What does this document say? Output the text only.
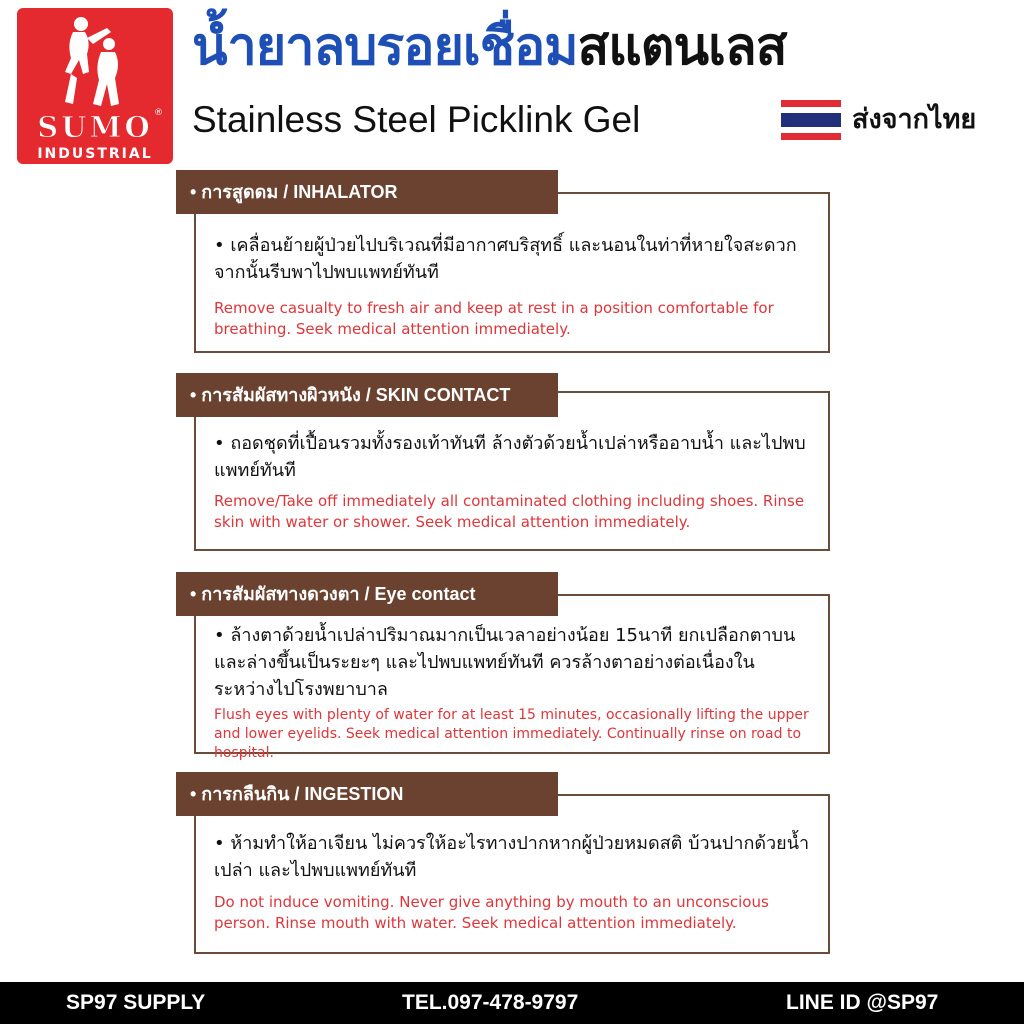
SUMO ®
INDUSTRIAL
น้ำยาลบรอยเชื่อมสแตนเลส
Stainless Steel Picklink Gel	ส่งจากไทย
• การสูดดม / INHALATOR
• เคลื่อนย้ายผู้ป่วยไปบริเวณที่มีอากาศบริสุทธิ์ และนอนในท่าที่หายใจสะดวก จากนั้นรีบพาไปพบแพทย์ทันที
Remove casualty to fresh air and keep at rest in a position comfortable for breathing. Seek medical attention immediately.
• การสัมผัสทางผิวหนัง / SKIN CONTACT
• ถอดชุดที่เปื้อนรวมทั้งรองเท้าทันที ล้างตัวด้วยน้ำเปล่าหรืออาบน้ำ และไปพบแพทย์ทันที
Remove/Take off immediately all contaminated clothing including shoes. Rinse skin with water or shower. Seek medical attention immediately.
• การสัมผัสทางดวงตา / Eye contact
• ล้างตาด้วยน้ำเปล่าปริมาณมากเป็นเวลาอย่างน้อย 15นาที ยกเปลือกตาบนและล่างขึ้นเป็นระยะๆ และไปพบแพทย์ทันที ควรล้างตาอย่างต่อเนื่องในระหว่างไปโรงพยาบาล
Flush eyes with plenty of water for at least 15 minutes, occasionally lifting the upper and lower eyelids. Seek medical attention immediately. Continually rinse on road to hospital.
• การกลืนกิน / INGESTION
• ห้ามทำให้อาเจียน ไม่ควรให้อะไรทางปากหากผู้ป่วยหมดสติ บ้วนปากด้วยน้ำเปล่า และไปพบแพทย์ทันที
Do not induce vomiting. Never give anything by mouth to an unconscious person. Rinse mouth with water. Seek medical attention immediately.
SP97 SUPPLY	TEL.097-478-9797	LINE ID @SP97
